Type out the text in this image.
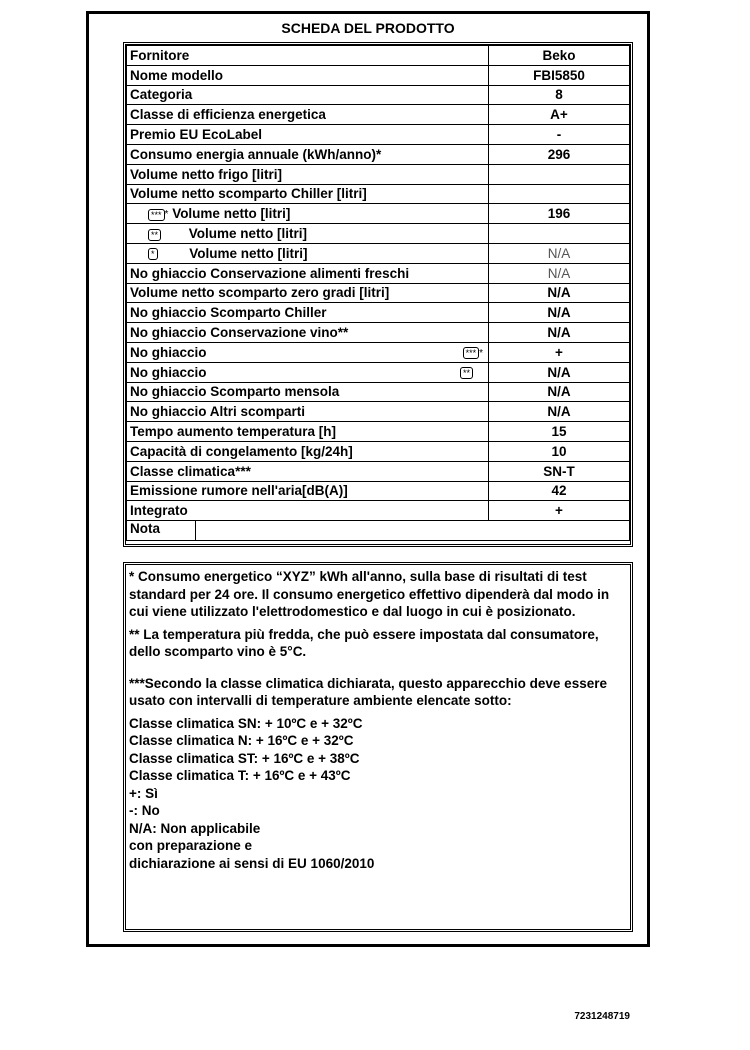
SCHEDA DEL PRODOTTO
Fornitore	Beko
Nome modello	FBI5850
Categoria	8
Classe di efficienza energetica	A+
Premio EU EcoLabel	-
Consumo energia annuale (kWh/anno)*	296
Volume netto frigo [litri]	
Volume netto scomparto Chiller [litri]	
*** * Volume netto [litri]	196
** Volume netto [litri]	
* Volume netto [litri]	N/A
No ghiaccio Conservazione alimenti freschi	N/A
Volume netto scomparto zero gradi [litri]	N/A
No ghiaccio Scomparto Chiller	N/A
No ghiaccio Conservazione vino**	N/A
No ghiaccio *** *	+
No ghiaccio **	N/A
No ghiaccio Scomparto mensola	N/A
No ghiaccio Altri scomparti	N/A
Tempo aumento temperatura [h]	15
Capacità di congelamento [kg/24h]	10
Classe climatica***	SN-T
Emissione rumore nell'aria[dB(A)]	42
Integrato	+

Nota	

* Consumo energetico “XYZ” kWh all'anno, sulla base di risultati di test standard per 24 ore. Il consumo energetico effettivo dipenderà dal modo in cui viene utilizzato l'elettrodomestico e dal luogo in cui è posizionato.

** La temperatura più fredda, che può essere impostata dal consumatore, dello scomparto vino è 5°C.

***Secondo la classe climatica dichiarata, questo apparecchio deve essere usato con intervalli di temperature ambiente elencate sotto:

Classe climatica SN: + 10ºC e + 32ºC

Classe climatica N: + 16ºC e + 32ºC

Classe climatica ST: + 16ºC e + 38ºC

Classe climatica T: + 16ºC e + 43ºC

+: Sì

-: No

N/A: Non applicabile

con preparazione e

dichiarazione ai sensi di EU 1060/2010

7231248719
